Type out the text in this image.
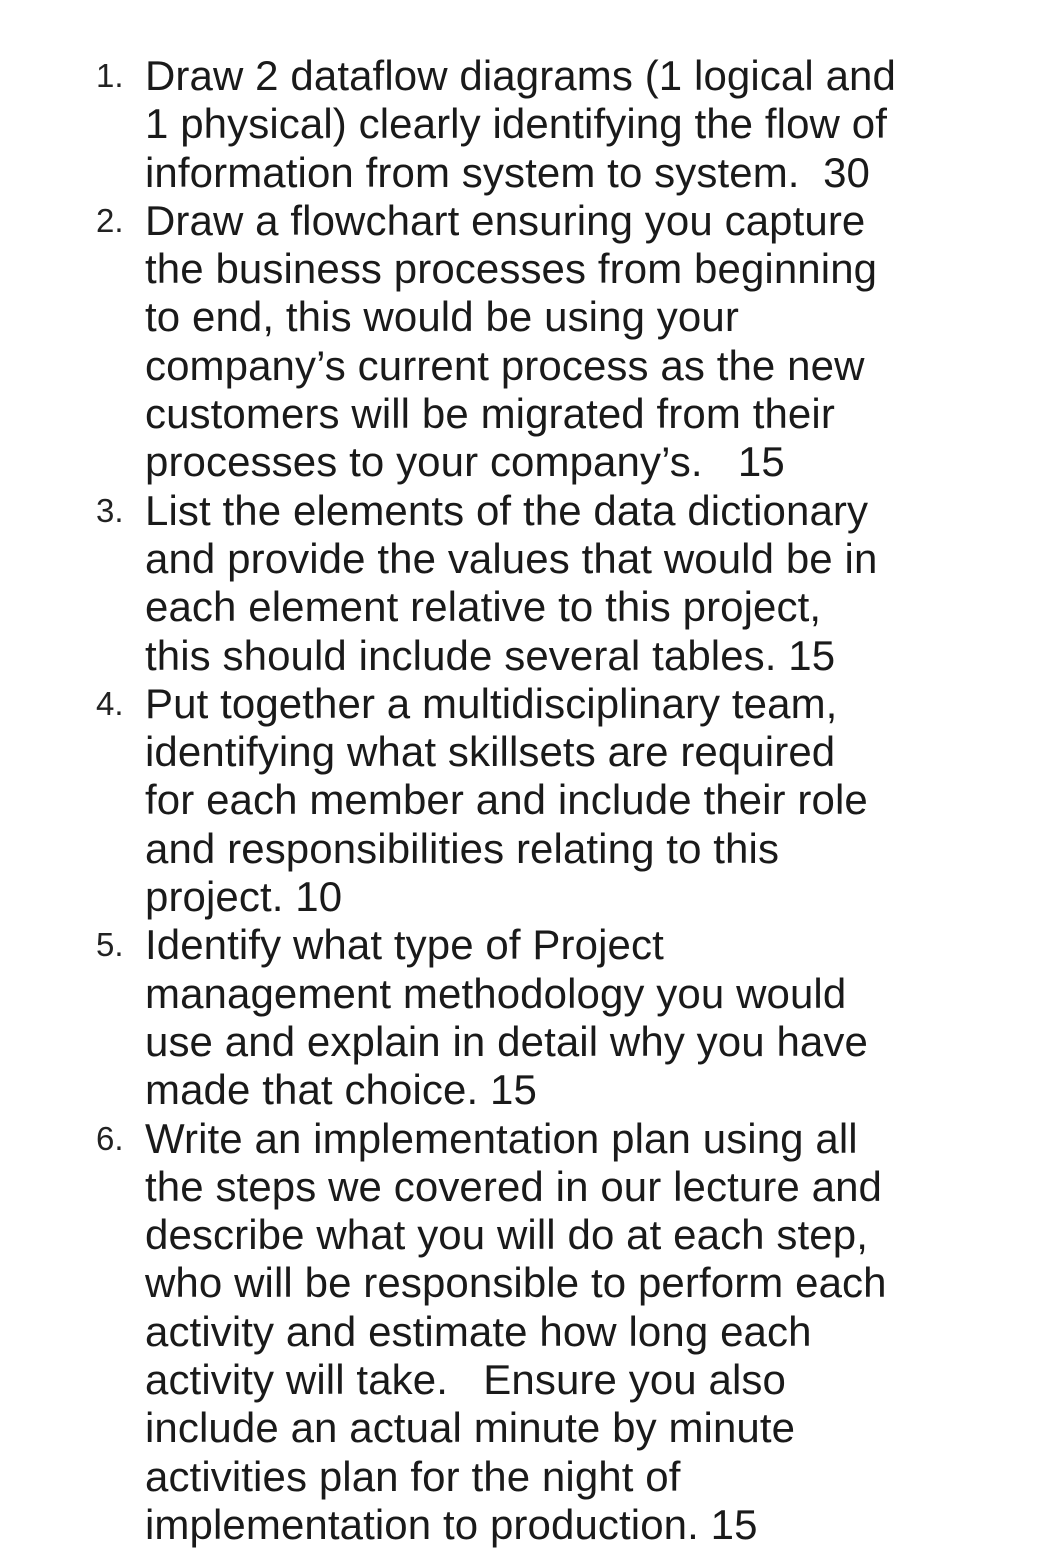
1. Draw 2 dataflow diagrams (1 logical and
1 physical) clearly identifying the flow of
information from system to system.  30
2. Draw a flowchart ensuring you capture
the business processes from beginning
to end, this would be using your
company’s current process as the new
customers will be migrated from their
processes to your company’s.   15
3. List the elements of the data dictionary
and provide the values that would be in
each element relative to this project,
this should include several tables. 15
4. Put together a multidisciplinary team,
identifying what skillsets are required
for each member and include their role
and responsibilities relating to this
project. 10
5. Identify what type of Project
management methodology you would
use and explain in detail why you have
made that choice. 15
6. Write an implementation plan using all
the steps we covered in our lecture and
describe what you will do at each step,
who will be responsible to perform each
activity and estimate how long each
activity will take.   Ensure you also
include an actual minute by minute
activities plan for the night of
implementation to production. 15
